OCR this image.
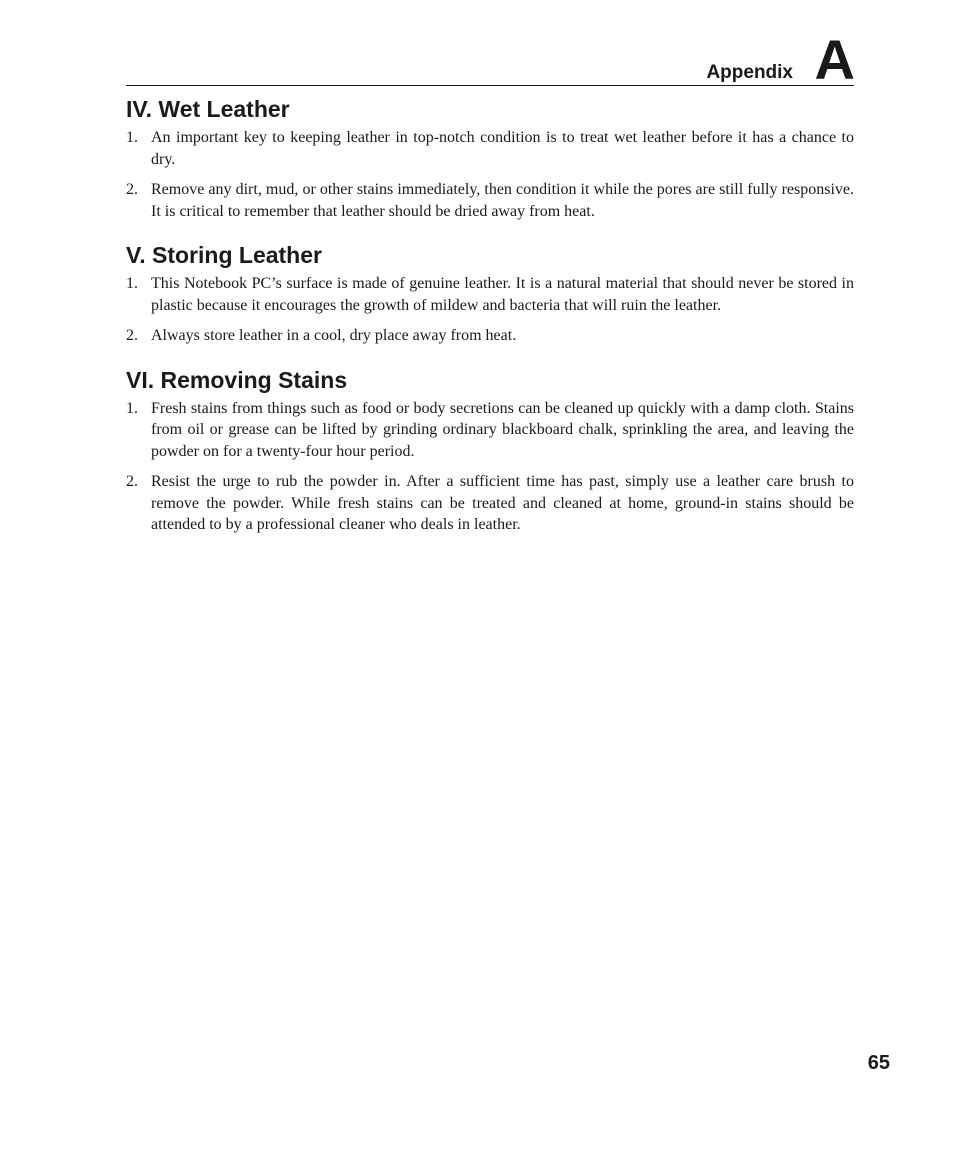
Appendix A
IV. Wet Leather
1. An important key to keeping leather in top-notch condition is to treat wet leather before it has a chance to dry.
2. Remove any dirt, mud, or other stains immediately, then condition it while the pores are still fully responsive. It is critical to remember that leather should be dried away from heat.
V. Storing Leather
1. This Notebook PC’s surface is made of genuine leather. It is a natural material that should never be stored in plastic because it encourages the growth of mildew and bacteria that will ruin the leather.
2. Always store leather in a cool, dry place away from heat.
VI. Removing Stains
1. Fresh stains from things such as food or body secretions can be cleaned up quickly with a damp cloth. Stains from oil or grease can be lifted by grinding ordinary blackboard chalk, sprinkling the area, and leaving the powder on for a twenty-four hour period.
2. Resist the urge to rub the powder in. After a sufficient time has past, simply use a leather care brush to remove the powder. While fresh stains can be treated and cleaned at home, ground-in stains should be attended to by a professional cleaner who deals in leather.
65
